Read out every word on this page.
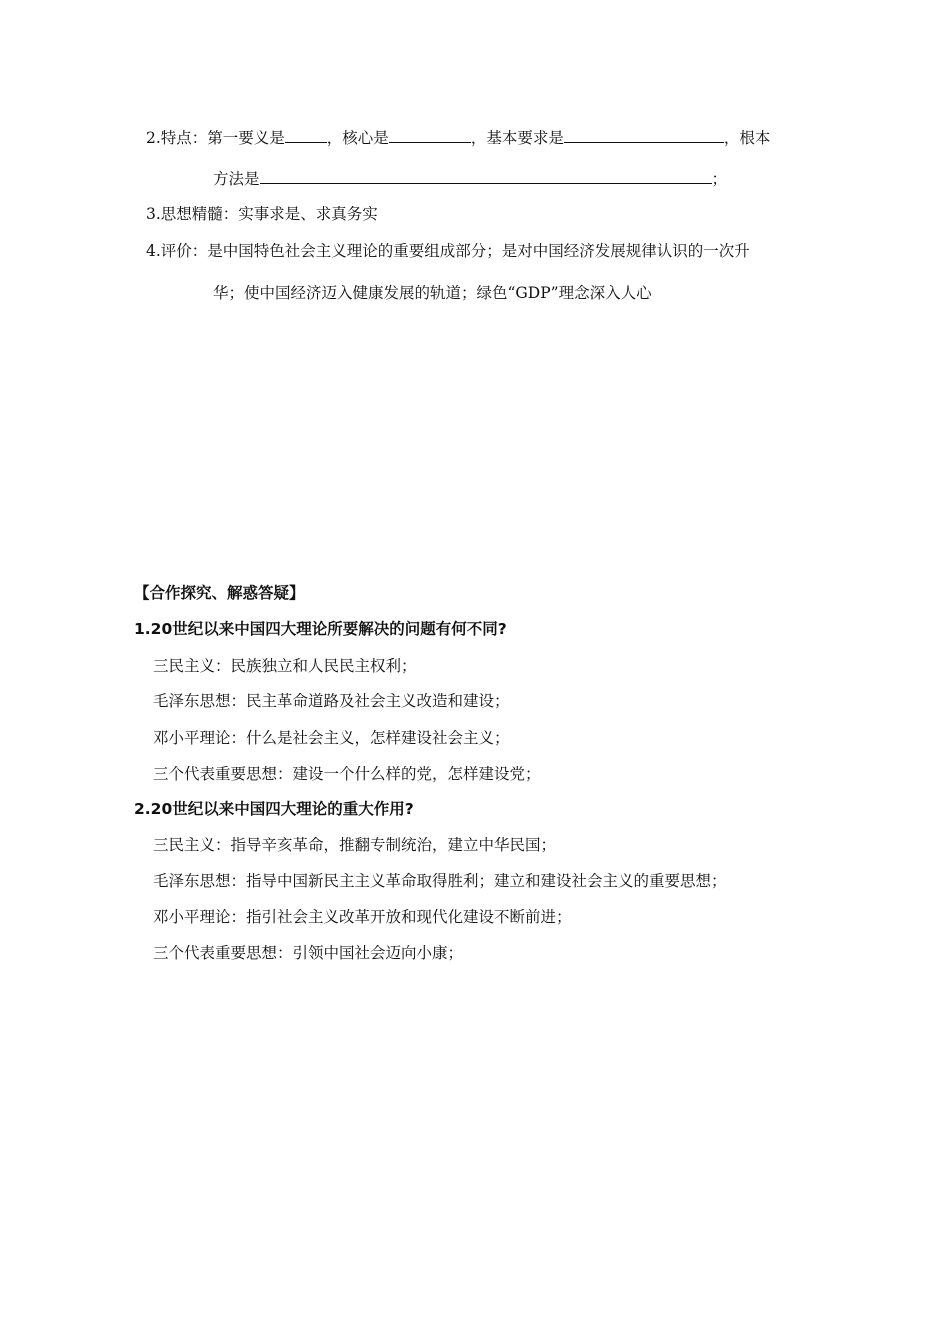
2.特点：第一要义是	，核心是	，基本要求是	，根本
方法是	；
3.思想精髓：实事求是、求真务实
4.评价：是中国特色社会主义理论的重要组成部分；是对中国经济发展规律认识的一次升
华；使中国经济迈入健康发展的轨道；绿色“GDP”理念深入人心
【合作探究、解惑答疑】
1.20世纪以来中国四大理论所要解决的问题有何不同?
三民主义：民族独立和人民民主权利；
毛泽东思想：民主革命道路及社会主义改造和建设；
邓小平理论：什么是社会主义，怎样建设社会主义；
三个代表重要思想：建设一个什么样的党，怎样建设党；
2.20世纪以来中国四大理论的重大作用?
三民主义：指导辛亥革命，推翻专制统治，建立中华民国；
毛泽东思想：指导中国新民主主义革命取得胜利；建立和建设社会主义的重要思想；
邓小平理论：指引社会主义改革开放和现代化建设不断前进；
三个代表重要思想：引领中国社会迈向小康；
